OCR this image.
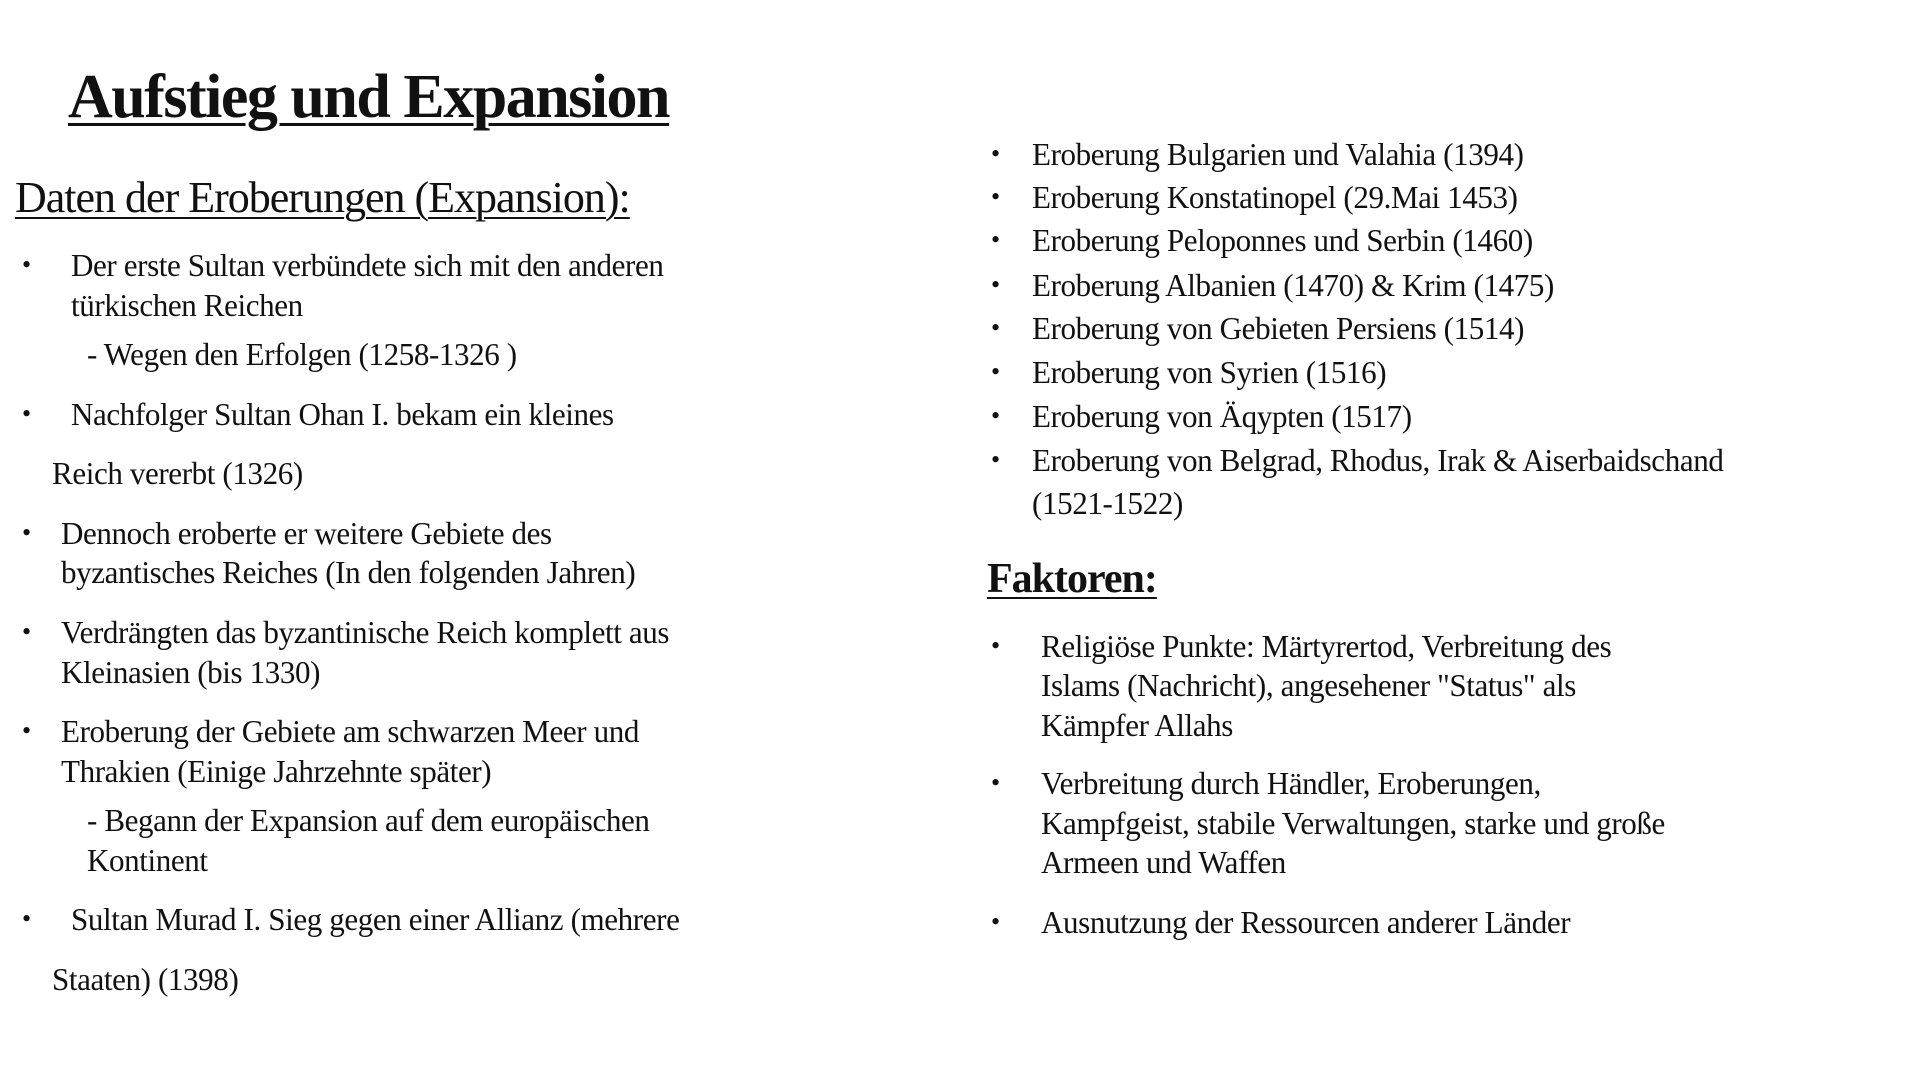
Aufstieg und Expansion
Daten der Eroberungen (Expansion):
• Der erste Sultan verbündete sich mit den anderen
türkischen Reichen
- Wegen den Erfolgen (1258-1326 )
• Nachfolger Sultan Ohan I. bekam ein kleines
Reich vererbt (1326)
• Dennoch eroberte er weitere Gebiete des
byzantisches Reiches (In den folgenden Jahren)
• Verdrängten das byzantinische Reich komplett aus
Kleinasien (bis 1330)
• Eroberung der Gebiete am schwarzen Meer und
Thrakien (Einige Jahrzehnte später)
- Begann der Expansion auf dem europäischen
Kontinent
• Sultan Murad I. Sieg gegen einer Allianz (mehrere
Staaten) (1398)
• Eroberung Bulgarien und Valahia (1394)
• Eroberung Konstatinopel (29.Mai 1453)
• Eroberung Peloponnes und Serbin (1460)
• Eroberung Albanien (1470) & Krim (1475)
• Eroberung von Gebieten Persiens (1514)
• Eroberung von Syrien (1516)
• Eroberung von Äqypten (1517)
• Eroberung von Belgrad, Rhodus, Irak & Aiserbaidschand
(1521-1522)
Faktoren:
• Religiöse Punkte: Märtyrertod, Verbreitung des
Islams (Nachricht), angesehener "Status" als
Kämpfer Allahs
• Verbreitung durch Händler, Eroberungen,
Kampfgeist, stabile Verwaltungen, starke und große
Armeen und Waffen
• Ausnutzung der Ressourcen anderer Länder
